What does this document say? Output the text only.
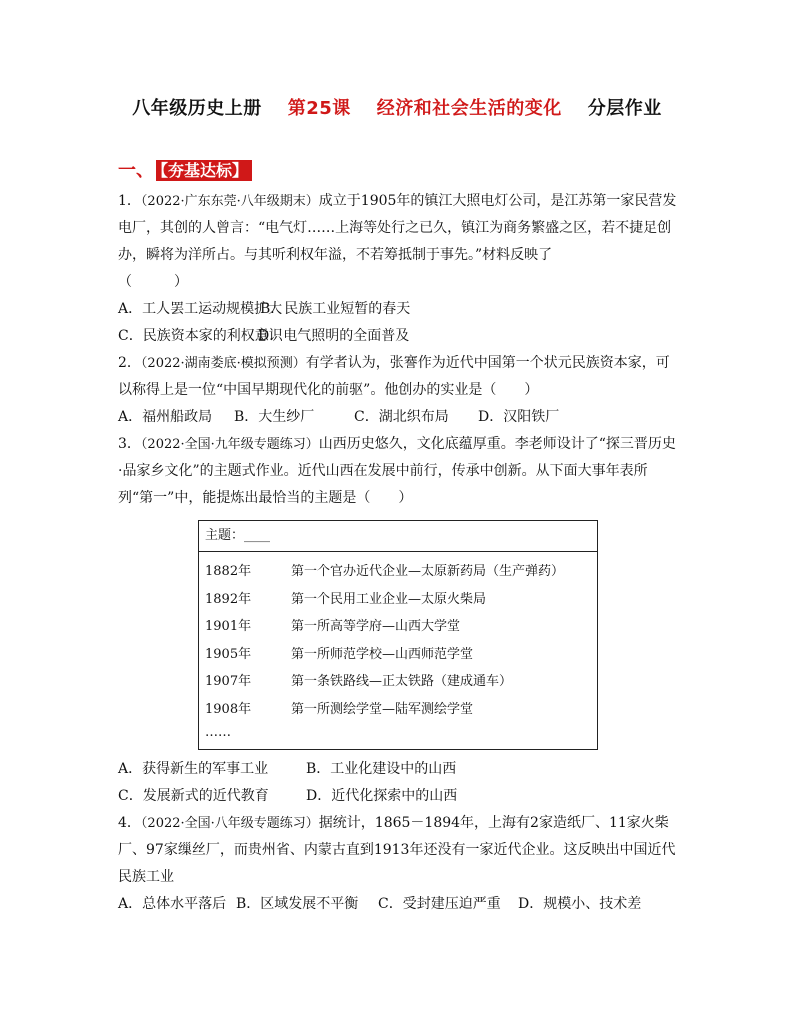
八年级历史上册 第25课 经济和社会生活的变化 分层作业
一、 【夯基达标】

1．（2022·广东东莞·八年级期末）成立于1905年的镇江大照电灯公司，是江苏第一家民营发电厂，其创的人曾言：“电气灯……上海等处行之已久，镇江为商务繁盛之区，若不捷足创办，瞬将为洋所占。与其听利权年溢，不若筹抵制于事先。”材料反映了
（　　　）

A．工人罢工运动规模扩大B．民族工业短暂的春天

C．民族资本家的利权意识D．电气照明的全面普及

2．（2022·湖南娄底·模拟预测）有学者认为，张謇作为近代中国第一个状元民族资本家，可以称得上是一位“中国早期现代化的前驱”。他创办的实业是（　　）

A．福州船政局 B．大生纱厂	C．湖北织布局 D．汉阳铁厂

3．（2022·全国·九年级专题练习）山西历史悠久，文化底蕴厚重。李老师设计了“探三晋历史·品家乡文化”的主题式作业。近代山西在发展中前行，传承中创新。从下面大事年表所列“第一”中，能提炼出最恰当的主题是（　　）

主题：____
1882年	第一个官办近代企业—太原新药局（生产弹药）
1892年	第一个民用工业企业—太原火柴局
1901年	第一所高等学府—山西大学堂
1905年	第一所师范学校—山西师范学堂
1907年	第一条铁路线—正太铁路（建成通车）
1908年	第一所测绘学堂—陆军测绘学堂
……

A．获得新生的军事工业	B．工业化建设中的山西

C．发展新式的近代教育	D．近代化探索中的山西

4．（2022·全国·八年级专题练习）据统计，1865－1894年，上海有2家造纸厂、11家火柴厂、97家缫丝厂，而贵州省、内蒙古直到1913年还没有一家近代企业。这反映出中国近代民族工业

A．总体水平落后 B．区域发展不平衡 C．受封建压迫严重 D．规模小、技术差
